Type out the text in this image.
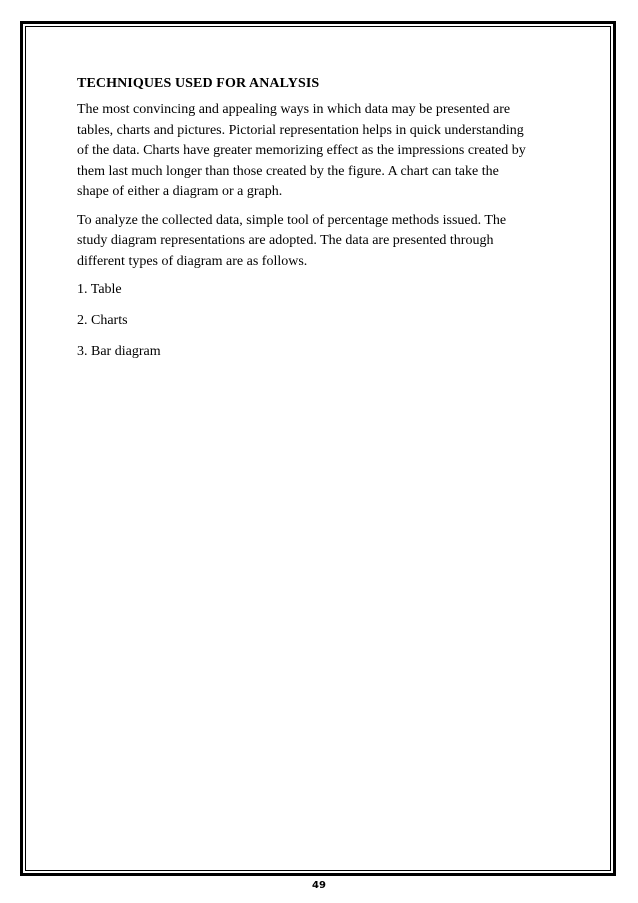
TECHNIQUES USED FOR ANALYSIS
The most convincing and appealing ways in which data may be presented are
tables, charts and pictures. Pictorial representation helps in quick understanding
of the data. Charts have greater memorizing effect as the impressions created by
them last much longer than those created by the figure. A chart can take the
shape of either a diagram or a graph.
To analyze the collected data, simple tool of percentage methods issued. The
study diagram representations are adopted. The data are presented through
different types of diagram are as follows.
1. Table
2. Charts
3. Bar diagram
49
